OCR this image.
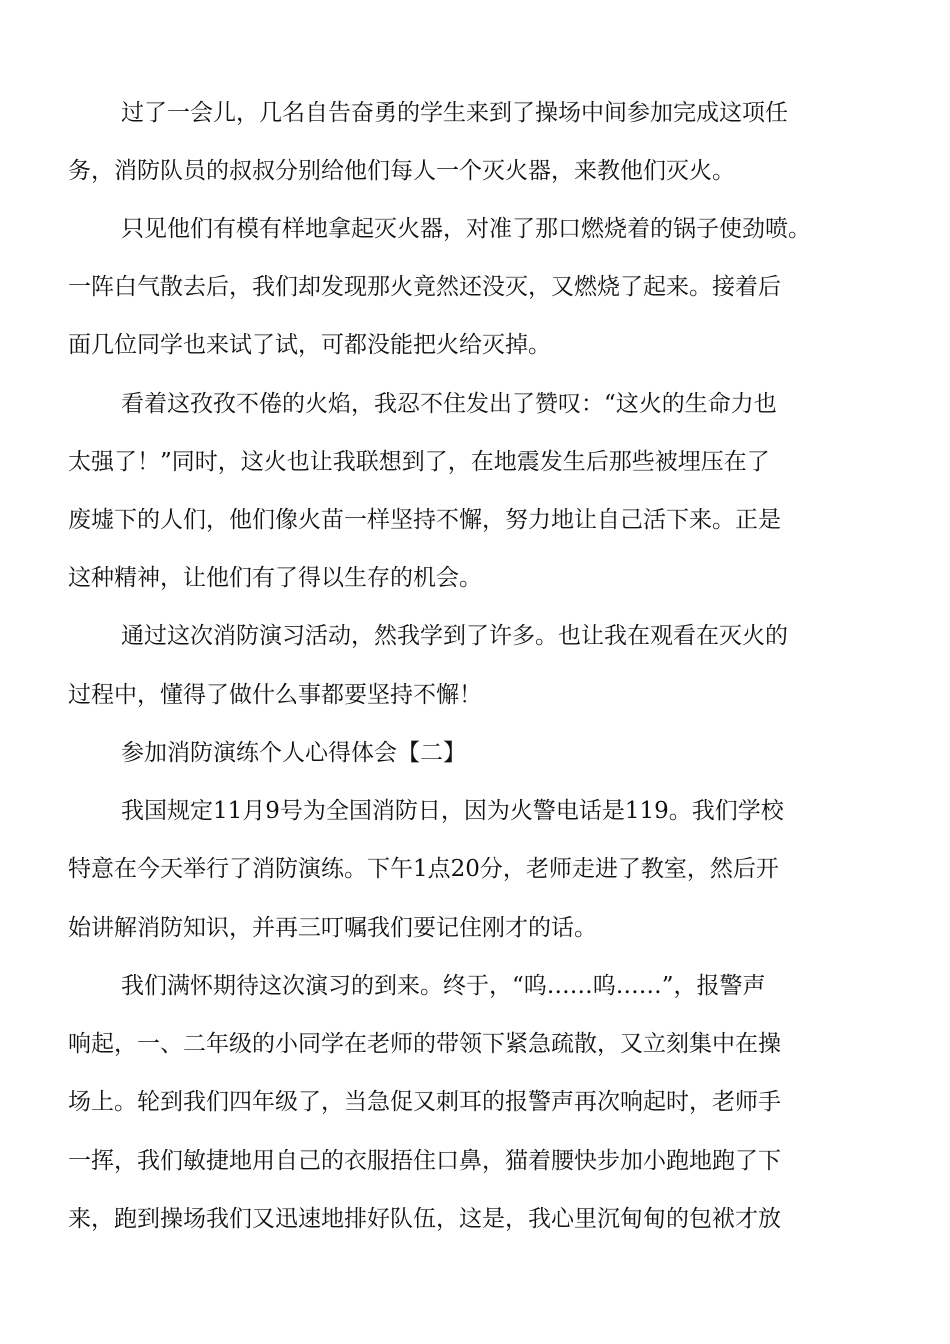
过了一会儿，几名自告奋勇的学生来到了操场中间参加完成这项任
务，消防队员的叔叔分别给他们每人一个灭火器，来教他们灭火。
只见他们有模有样地拿起灭火器，对准了那口燃烧着的锅子使劲喷。
一阵白气散去后，我们却发现那火竟然还没灭，又燃烧了起来。接着后
面几位同学也来试了试，可都没能把火给灭掉。
看着这孜孜不倦的火焰，我忍不住发出了赞叹：“这火的生命力也
太强了！”同时，这火也让我联想到了，在地震发生后那些被埋压在了
废墟下的人们，他们像火苗一样坚持不懈，努力地让自己活下来。正是
这种精神，让他们有了得以生存的机会。
通过这次消防演习活动，然我学到了许多。也让我在观看在灭火的
过程中，懂得了做什么事都要坚持不懈！
参加消防演练个人心得体会【二】
我国规定11月9号为全国消防日，因为火警电话是119。我们学校
特意在今天举行了消防演练。下午1点20分，老师走进了教室，然后开
始讲解消防知识，并再三叮嘱我们要记住刚才的话。
我们满怀期待这次演习的到来。终于，“呜……呜……”，报警声
响起，一、二年级的小同学在老师的带领下紧急疏散，又立刻集中在操
场上。轮到我们四年级了，当急促又刺耳的报警声再次响起时，老师手
一挥，我们敏捷地用自己的衣服捂住口鼻，猫着腰快步加小跑地跑了下
来，跑到操场我们又迅速地排好队伍，这是，我心里沉甸甸的包袱才放
